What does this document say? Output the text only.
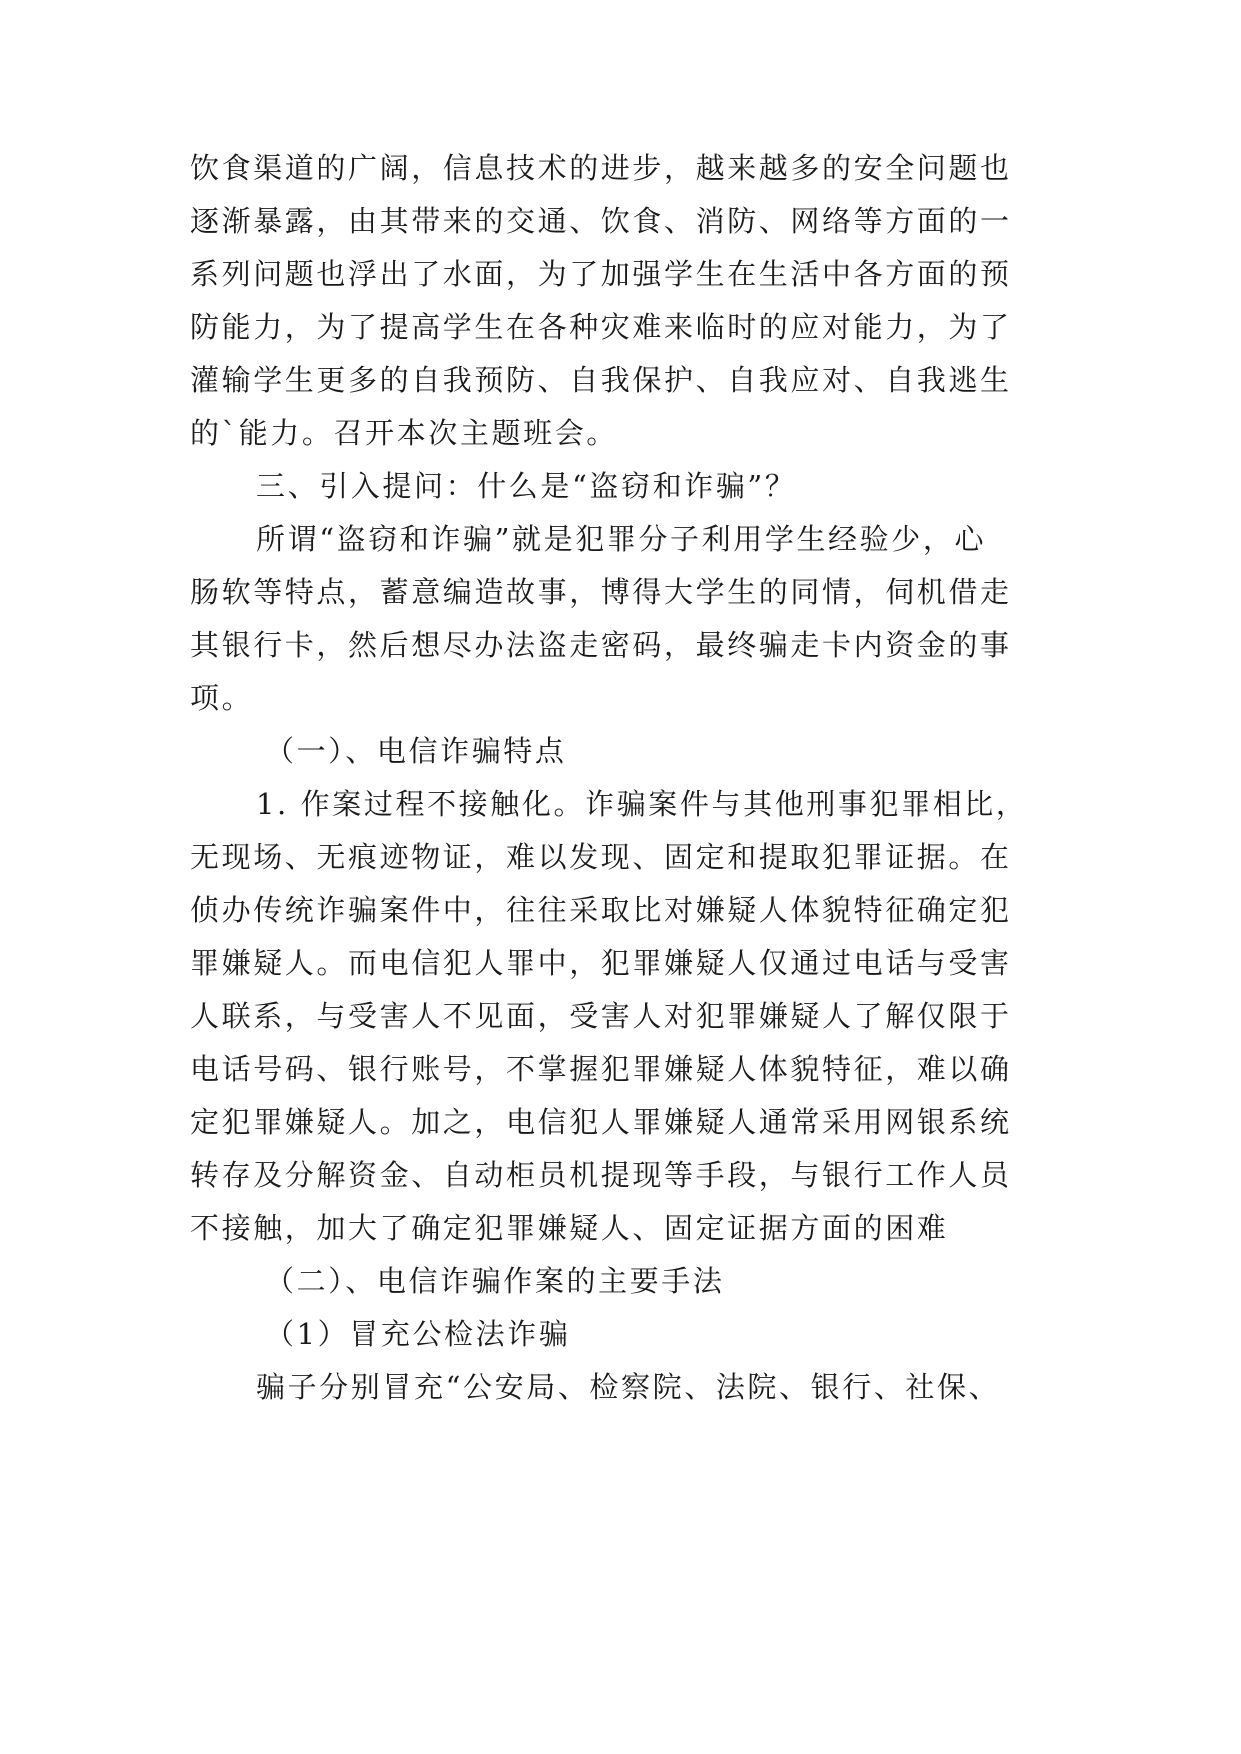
饮食渠道的广阔，信息技术的进步，越来越多的安全问题也
逐渐暴露，由其带来的交通、饮食、消防、网络等方面的一
系列问题也浮出了水面，为了加强学生在生活中各方面的预
防能力，为了提高学生在各种灾难来临时的应对能力，为了
灌输学生更多的自我预防、自我保护、自我应对、自我逃生
的`能力。召开本次主题班会。
三、引入提问：什么是“盗窃和诈骗”？
所谓“盗窃和诈骗”就是犯罪分子利用学生经验少，心
肠软等特点，蓄意编造故事，博得大学生的同情，伺机借走
其银行卡，然后想尽办法盗走密码，最终骗走卡内资金的事
项。
（一）、电信诈骗特点
1. 作案过程不接触化。诈骗案件与其他刑事犯罪相比，
无现场、无痕迹物证，难以发现、固定和提取犯罪证据。在
侦办传统诈骗案件中，往往采取比对嫌疑人体貌特征确定犯
罪嫌疑人。而电信犯人罪中，犯罪嫌疑人仅通过电话与受害
人联系，与受害人不见面，受害人对犯罪嫌疑人了解仅限于
电话号码、银行账号，不掌握犯罪嫌疑人体貌特征，难以确
定犯罪嫌疑人。加之，电信犯人罪嫌疑人通常采用网银系统
转存及分解资金、自动柜员机提现等手段，与银行工作人员
不接触，加大了确定犯罪嫌疑人、固定证据方面的困难
（二）、电信诈骗作案的主要手法
（1）冒充公检法诈骗
骗子分别冒充“公安局、检察院、法院、银行、社保、
